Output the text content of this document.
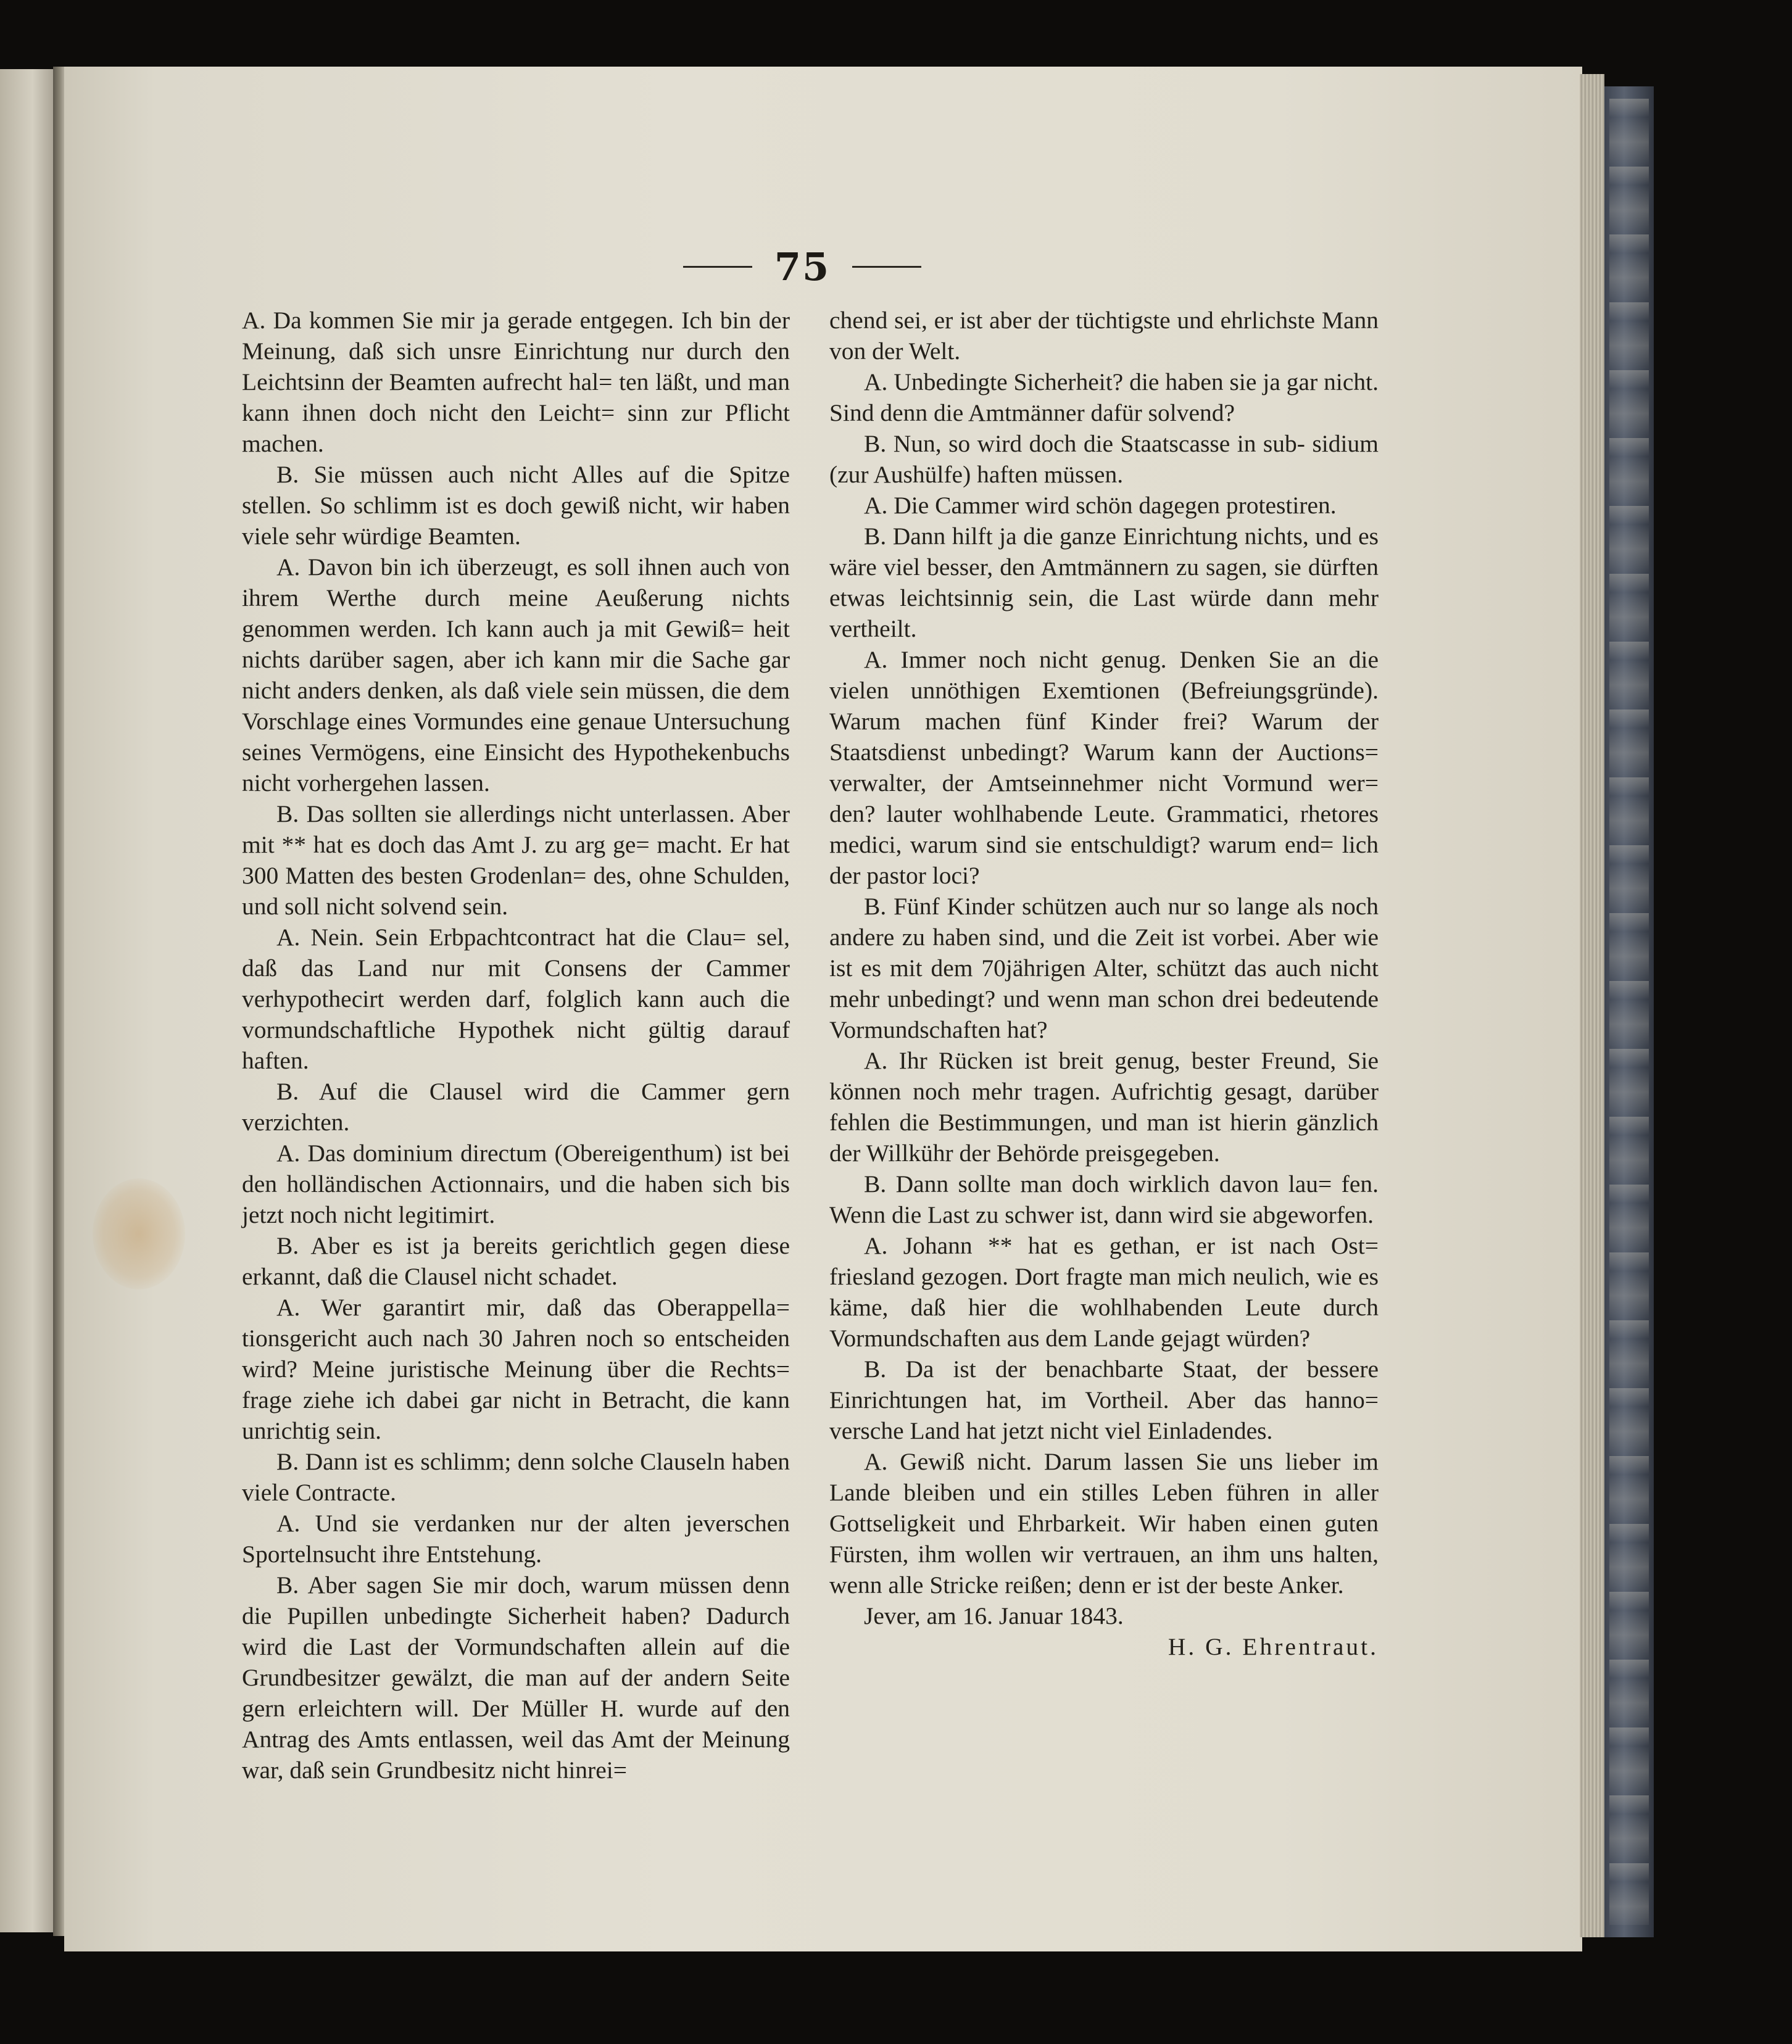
75

A. Da kommen Sie mir ja gerade entgegen. Ich bin der Meinung, daß sich unsre Einrichtung nur durch den Leichtsinn der Beamten aufrecht hal= ten läßt, und man kann ihnen doch nicht den Leicht= sinn zur Pflicht machen.

B. Sie müssen auch nicht Alles auf die Spitze stellen. So schlimm ist es doch gewiß nicht, wir haben viele sehr würdige Beamten.

A. Davon bin ich überzeugt, es soll ihnen auch von ihrem Werthe durch meine Aeußerung nichts genommen werden. Ich kann auch ja mit Gewiß= heit nichts darüber sagen, aber ich kann mir die Sache gar nicht anders denken, als daß viele sein müssen, die dem Vorschlage eines Vormundes eine genaue Untersuchung seines Vermögens, eine Einsicht des Hypothekenbuchs nicht vorhergehen lassen.

B. Das sollten sie allerdings nicht unterlassen. Aber mit ** hat es doch das Amt J. zu arg ge= macht. Er hat 300 Matten des besten Grodenlan= des, ohne Schulden, und soll nicht solvend sein.

A. Nein. Sein Erbpachtcontract hat die Clau= sel, daß das Land nur mit Consens der Cammer verhypothecirt werden darf, folglich kann auch die vormundschaftliche Hypothek nicht gültig darauf haften.

B. Auf die Clausel wird die Cammer gern verzichten.

A. Das dominium directum (Obereigenthum) ist bei den holländischen Actionnairs, und die haben sich bis jetzt noch nicht legitimirt.

B. Aber es ist ja bereits gerichtlich gegen diese erkannt, daß die Clausel nicht schadet.

A. Wer garantirt mir, daß das Oberappella= tionsgericht auch nach 30 Jahren noch so entscheiden wird? Meine juristische Meinung über die Rechts= frage ziehe ich dabei gar nicht in Betracht, die kann unrichtig sein.

B. Dann ist es schlimm; denn solche Clauseln haben viele Contracte.

A. Und sie verdanken nur der alten jeverschen Sportelnsucht ihre Entstehung.

B. Aber sagen Sie mir doch, warum müssen denn die Pupillen unbedingte Sicherheit haben? Dadurch wird die Last der Vormundschaften allein auf die Grundbesitzer gewälzt, die man auf der andern Seite gern erleichtern will. Der Müller H. wurde auf den Antrag des Amts entlassen, weil das Amt der Meinung war, daß sein Grundbesitz nicht hinrei=

chend sei, er ist aber der tüchtigste und ehrlichste Mann von der Welt.

A. Unbedingte Sicherheit? die haben sie ja gar nicht. Sind denn die Amtmänner dafür solvend?

B. Nun, so wird doch die Staatscasse in sub- sidium (zur Aushülfe) haften müssen.

A. Die Cammer wird schön dagegen protestiren.

B. Dann hilft ja die ganze Einrichtung nichts, und es wäre viel besser, den Amtmännern zu sagen, sie dürften etwas leichtsinnig sein, die Last würde dann mehr vertheilt.

A. Immer noch nicht genug. Denken Sie an die vielen unnöthigen Exemtionen (Befreiungsgründe). Warum machen fünf Kinder frei? Warum der Staatsdienst unbedingt? Warum kann der Auctions= verwalter, der Amtseinnehmer nicht Vormund wer= den? lauter wohlhabende Leute. Grammatici, rhetores medici, warum sind sie entschuldigt? warum end= lich der pastor loci?

B. Fünf Kinder schützen auch nur so lange als noch andere zu haben sind, und die Zeit ist vorbei. Aber wie ist es mit dem 70jährigen Alter, schützt das auch nicht mehr unbedingt? und wenn man schon drei bedeutende Vormundschaften hat?

A. Ihr Rücken ist breit genug, bester Freund, Sie können noch mehr tragen. Aufrichtig gesagt, darüber fehlen die Bestimmungen, und man ist hierin gänzlich der Willkühr der Behörde preisgegeben.

B. Dann sollte man doch wirklich davon lau= fen. Wenn die Last zu schwer ist, dann wird sie abgeworfen.

A. Johann ** hat es gethan, er ist nach Ost= friesland gezogen. Dort fragte man mich neulich, wie es käme, daß hier die wohlhabenden Leute durch Vormundschaften aus dem Lande gejagt würden?

B. Da ist der benachbarte Staat, der bessere Einrichtungen hat, im Vortheil. Aber das hanno= versche Land hat jetzt nicht viel Einladendes.

A. Gewiß nicht. Darum lassen Sie uns lieber im Lande bleiben und ein stilles Leben führen in aller Gottseligkeit und Ehrbarkeit. Wir haben einen guten Fürsten, ihm wollen wir vertrauen, an ihm uns halten, wenn alle Stricke reißen; denn er ist der beste Anker.

Jever, am 16. Januar 1843.

H. G. Ehrentraut.
